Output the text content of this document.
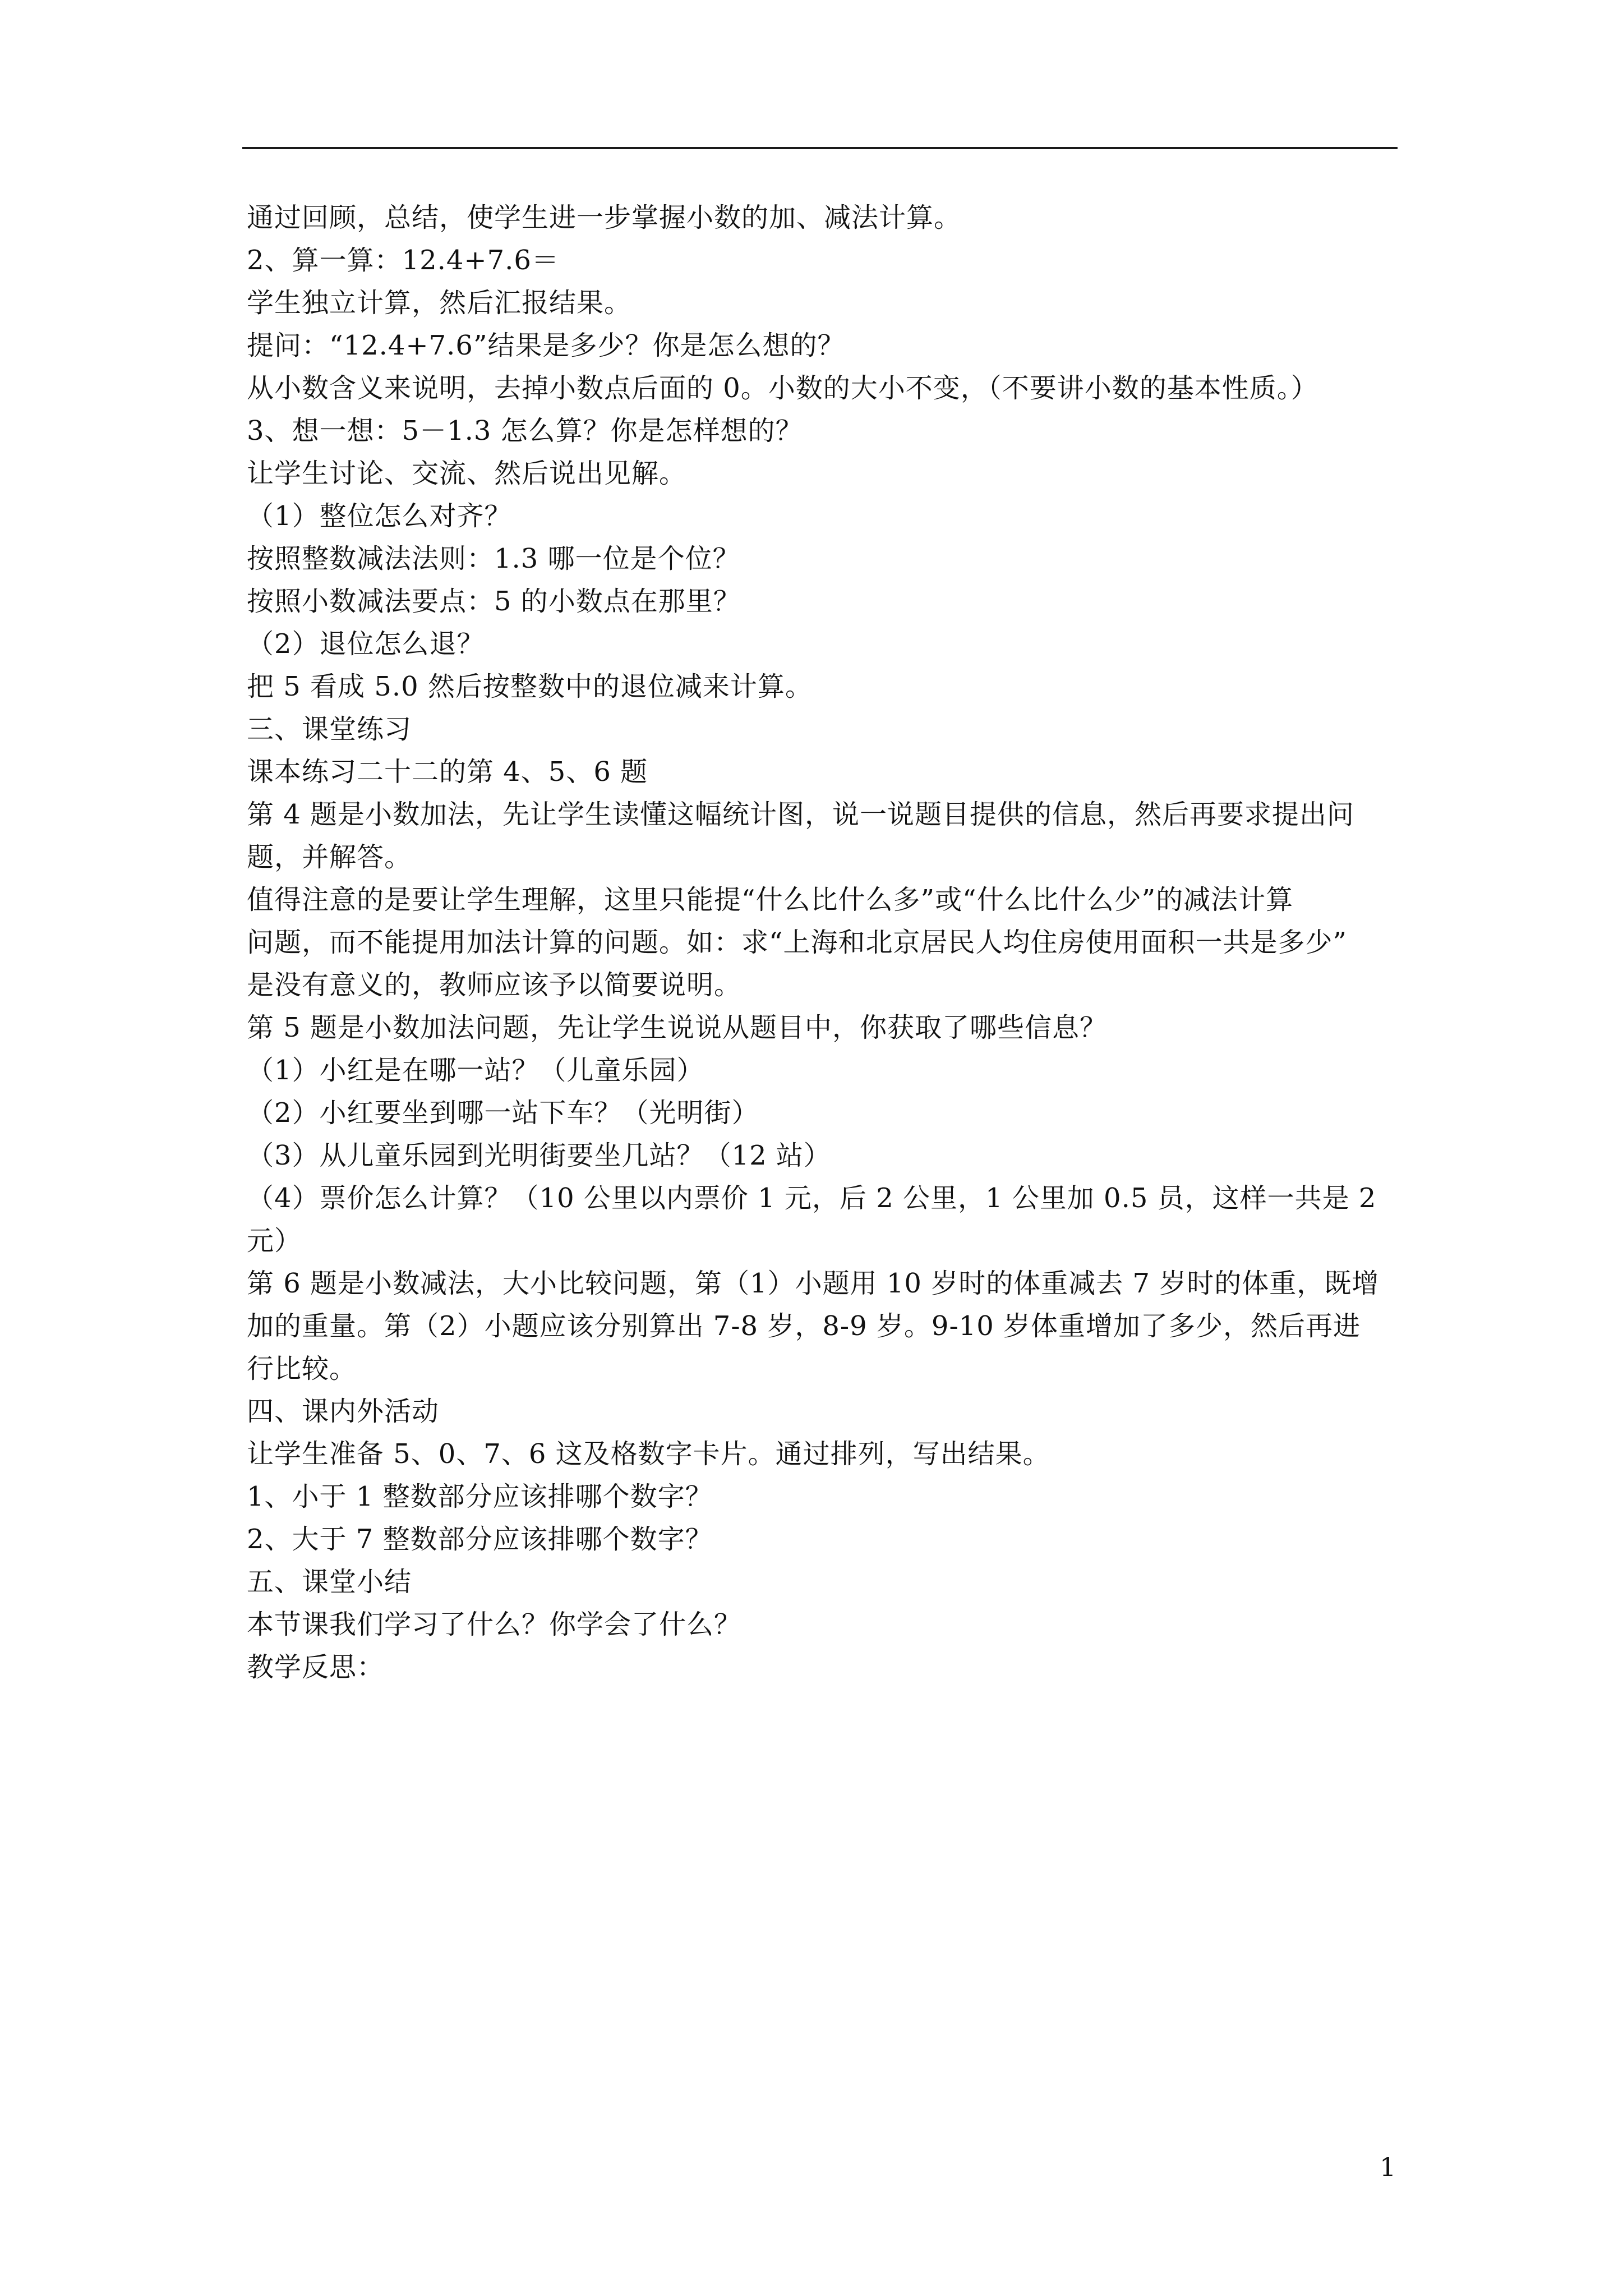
通过回顾，总结，使学生进一步掌握小数的加、减法计算。
2、算一算：12.4+7.6＝
学生独立计算，然后汇报结果。
提问：“12.4+7.6”结果是多少？你是怎么想的？
从小数含义来说明，去掉小数点后面的 0。小数的大小不变，（不要讲小数的基本性质。）
3、想一想：5－1.3 怎么算？你是怎样想的？
让学生讨论、交流、然后说出见解。
（1）整位怎么对齐？
按照整数减法法则：1.3 哪一位是个位？
按照小数减法要点：5 的小数点在那里？
（2）退位怎么退？
把 5 看成 5.0 然后按整数中的退位减来计算。
三、课堂练习
课本练习二十二的第 4、5、6 题
第 4 题是小数加法，先让学生读懂这幅统计图，说一说题目提供的信息，然后再要求提出问
题，并解答。
值得注意的是要让学生理解，这里只能提“什么比什么多”或“什么比什么少”的减法计算
问题，而不能提用加法计算的问题。如：求“上海和北京居民人均住房使用面积一共是多少”
是没有意义的，教师应该予以简要说明。
第 5 题是小数加法问题，先让学生说说从题目中，你获取了哪些信息？
（1）小红是在哪一站？（儿童乐园）
（2）小红要坐到哪一站下车？（光明街）
（3）从儿童乐园到光明街要坐几站？（12 站）
（4）票价怎么计算？（10 公里以内票价 1 元，后 2 公里，1 公里加 0.5 员，这样一共是 2
元）
第 6 题是小数减法，大小比较问题，第（1）小题用 10 岁时的体重减去 7 岁时的体重，既增
加的重量。第（2）小题应该分别算出 7-8 岁，8-9 岁。9-10 岁体重增加了多少，然后再进
行比较。
四、课内外活动
让学生准备 5、0、7、6 这及格数字卡片。通过排列，写出结果。
1、小于 1 整数部分应该排哪个数字？
2、大于 7 整数部分应该排哪个数字？
五、课堂小结
本节课我们学习了什么？你学会了什么？
教学反思：
1
